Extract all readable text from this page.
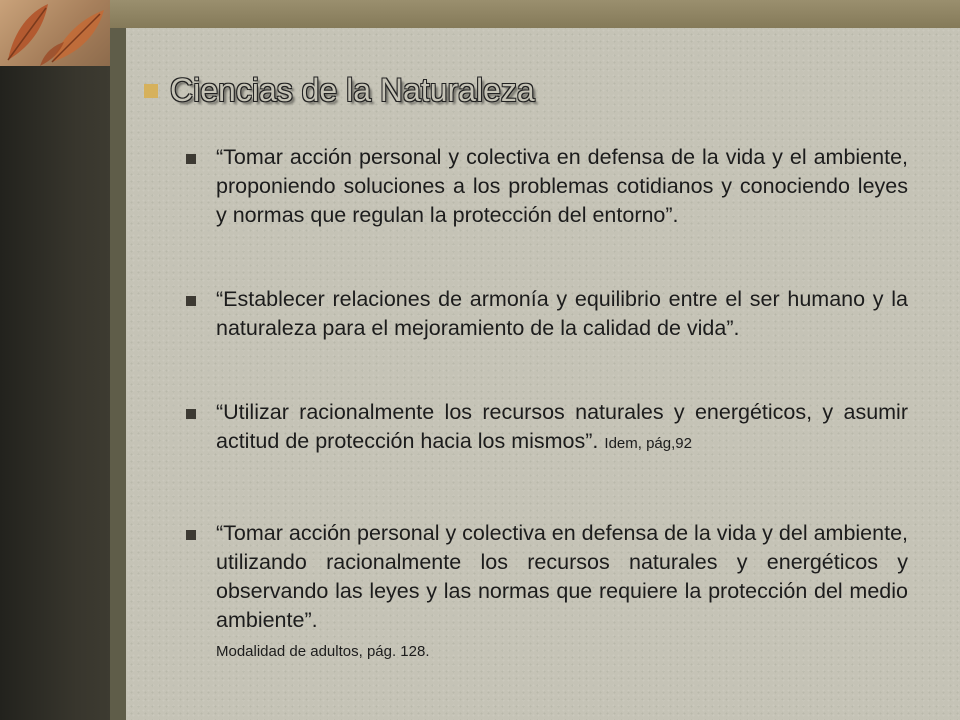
Ciencias de la Naturaleza
“Tomar acción personal y colectiva en defensa de la vida y el ambiente, proponiendo soluciones a los problemas cotidianos y conociendo leyes y normas que regulan la protección del entorno”.
“Establecer relaciones de armonía y equilibrio entre el ser humano y la naturaleza para el mejoramiento de la calidad de vida”.
“Utilizar racionalmente los recursos naturales y energéticos, y asumir actitud de protección hacia los mismos”. Idem, pág,92
“Tomar acción personal y colectiva en defensa de la vida y del ambiente, utilizando racionalmente los recursos naturales y energéticos y observando las leyes y las normas que requiere la protección del medio ambiente”.
Modalidad de adultos, pág. 128.
